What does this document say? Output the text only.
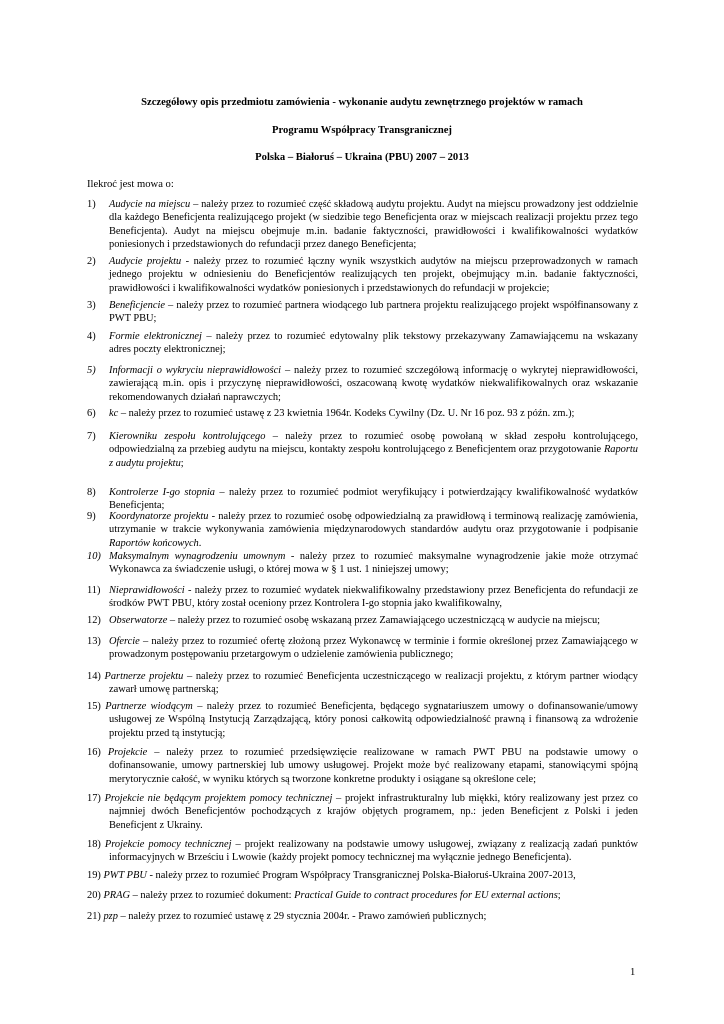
Szczegółowy opis przedmiotu zamówienia - wykonanie audytu zewnętrznego projektów w ramach
Programu Współpracy Transgranicznej
Polska – Białoruś – Ukraina (PBU) 2007 – 2013
Ilekroć jest mowa o:
1) Audycie na miejscu – należy przez to rozumieć część składową audytu projektu. Audyt na miejscu prowadzony jest oddzielnie dla każdego Beneficjenta realizującego projekt (w siedzibie tego Beneficjenta oraz w miejscach realizacji projektu przez tego Beneficjenta). Audyt na miejscu obejmuje m.in. badanie faktyczności, prawidłowości i kwalifikowalności wydatków poniesionych i przedstawionych do refundacji przez danego Beneficjenta;
2) Audycie projektu - należy przez to rozumieć łączny wynik wszystkich audytów na miejscu przeprowadzonych w ramach jednego projektu w odniesieniu do Beneficjentów realizujących ten projekt, obejmujący m.in. badanie faktyczności, prawidłowości i kwalifikowalności wydatków poniesionych i przedstawionych do refundacji w projekcie;
3) Beneficjencie – należy przez to rozumieć partnera wiodącego lub partnera projektu realizującego projekt współfinansowany z PWT PBU;
4) Formie elektronicznej – należy przez to rozumieć edytowalny plik tekstowy przekazywany Zamawiającemu na wskazany adres poczty elektronicznej;
5) Informacji o wykryciu nieprawidłowości – należy przez to rozumieć szczegółową informację o wykrytej nieprawidłowości, zawierającą m.in. opis i przyczynę nieprawidłowości, oszacowaną kwotę wydatków niekwalifikowalnych oraz wskazanie rekomendowanych działań naprawczych;
6) kc – należy przez to rozumieć ustawę z 23 kwietnia 1964r. Kodeks Cywilny (Dz. U. Nr 16 poz. 93 z późn. zm.);
7) Kierowniku zespołu kontrolującego – należy przez to rozumieć osobę powołaną w skład zespołu kontrolującego, odpowiedzialną za przebieg audytu na miejscu, kontakty zespołu kontrolującego z Beneficjentem oraz przygotowanie Raportu z audytu projektu;
8) Kontrolerze I-go stopnia – należy przez to rozumieć podmiot weryfikujący i potwierdzający kwalifikowalność wydatków Beneficjenta;
9) Koordynatorze projektu - należy przez to rozumieć osobę odpowiedzialną za prawidłową i terminową realizację zamówienia, utrzymanie w trakcie wykonywania zamówienia międzynarodowych standardów audytu oraz przygotowanie i podpisanie Raportów końcowych.
10) Maksymalnym wynagrodzeniu umownym - należy przez to rozumieć maksymalne wynagrodzenie jakie może otrzymać Wykonawca za świadczenie usługi, o której mowa w § 1 ust. 1 niniejszej umowy;
11) Nieprawidłowości - należy przez to rozumieć wydatek niekwalifikowalny przedstawiony przez Beneficjenta do refundacji ze środków PWT PBU, który został oceniony przez Kontrolera I-go stopnia jako kwalifikowalny,
12) Obserwatorze – należy przez to rozumieć osobę wskazaną przez Zamawiającego uczestniczącą w audycie na miejscu;
13) Ofercie – należy przez to rozumieć ofertę złożoną przez Wykonawcę w terminie i formie określonej przez Zamawiającego w prowadzonym postępowaniu przetargowym o udzielenie zamówienia publicznego;
14) Partnerze projektu – należy przez to rozumieć Beneficjenta uczestniczącego w realizacji projektu, z którym partner wiodący zawarł umowę partnerską;
15) Partnerze wiodącym – należy przez to rozumieć Beneficjenta, będącego sygnatariuszem umowy o dofinansowanie/umowy usługowej ze Wspólną Instytucją Zarządzającą, który ponosi całkowitą odpowiedzialność prawną i finansową za wdrożenie projektu przed tą instytucją;
16) Projekcie – należy przez to rozumieć przedsięwzięcie realizowane w ramach PWT PBU na podstawie umowy o dofinansowanie, umowy partnerskiej lub umowy usługowej. Projekt może być realizowany etapami, stanowiącymi spójną merytorycznie całość, w wyniku których są tworzone konkretne produkty i osiągane są określone cele;
17) Projekcie nie będącym projektem pomocy technicznej – projekt infrastrukturalny lub miękki, który realizowany jest przez co najmniej dwóch Beneficjentów pochodzących z krajów objętych programem, np.: jeden Beneficjent z Polski i jeden Beneficjent z Ukrainy.
18) Projekcie pomocy technicznej – projekt realizowany na podstawie umowy usługowej, związany z realizacją zadań punktów informacyjnych w Brześciu i Lwowie (każdy projekt pomocy technicznej ma wyłącznie jednego Beneficjenta).
19) PWT PBU - należy przez to rozumieć Program Współpracy Transgranicznej Polska-Białoruś-Ukraina 2007-2013,
20) PRAG – należy przez to rozumieć dokument: Practical Guide to contract procedures for EU external actions;
21) pzp – należy przez to rozumieć ustawę z 29 stycznia 2004r. - Prawo zamówień publicznych;
1
